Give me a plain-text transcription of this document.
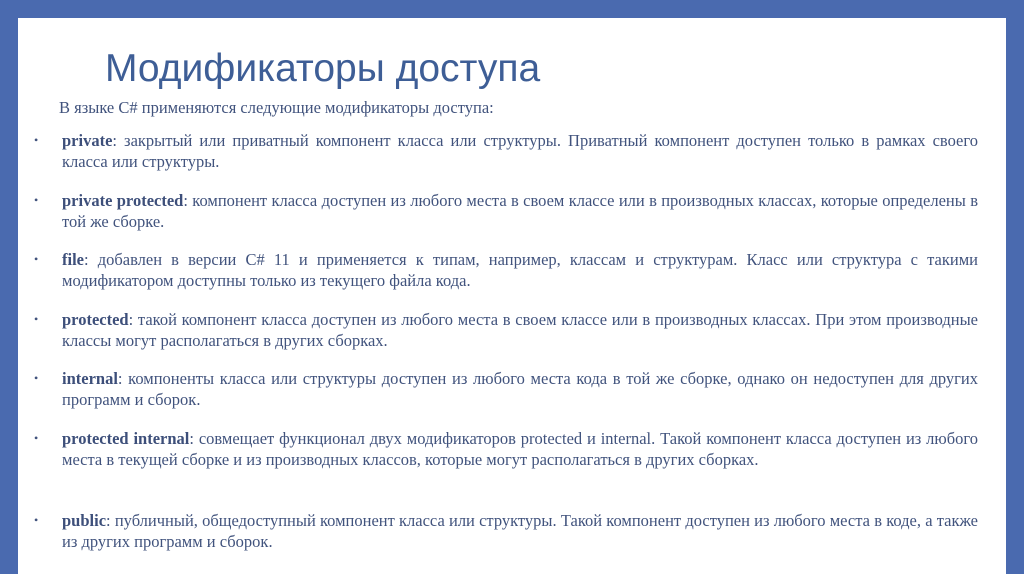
Модификаторы доступа

В языке C# применяются следующие модификаторы доступа:

• private: закрытый или приватный компонент класса или структуры. Приватный компонент доступен только в рамках своего класса или структуры.
• private protected: компонент класса доступен из любого места в своем классе или в производных классах, которые определены в той же сборке.
• file: добавлен в версии C# 11 и применяется к типам, например, классам и структурам. Класс или структура с такими модификатором доступны только из текущего файла кода.
• protected: такой компонент класса доступен из любого места в своем классе или в производных классах. При этом производные классы могут располагаться в других сборках.
• internal: компоненты класса или структуры доступен из любого места кода в той же сборке, однако он недоступен для других программ и сборок.
• protected internal: совмещает функционал двух модификаторов protected и internal. Такой компонент класса доступен из любого места в текущей сборке и из производных классов, которые могут располагаться в других сборках.
• public: публичный, общедоступный компонент класса или структуры. Такой компонент доступен из любого места в коде, а также из других программ и сборок.
